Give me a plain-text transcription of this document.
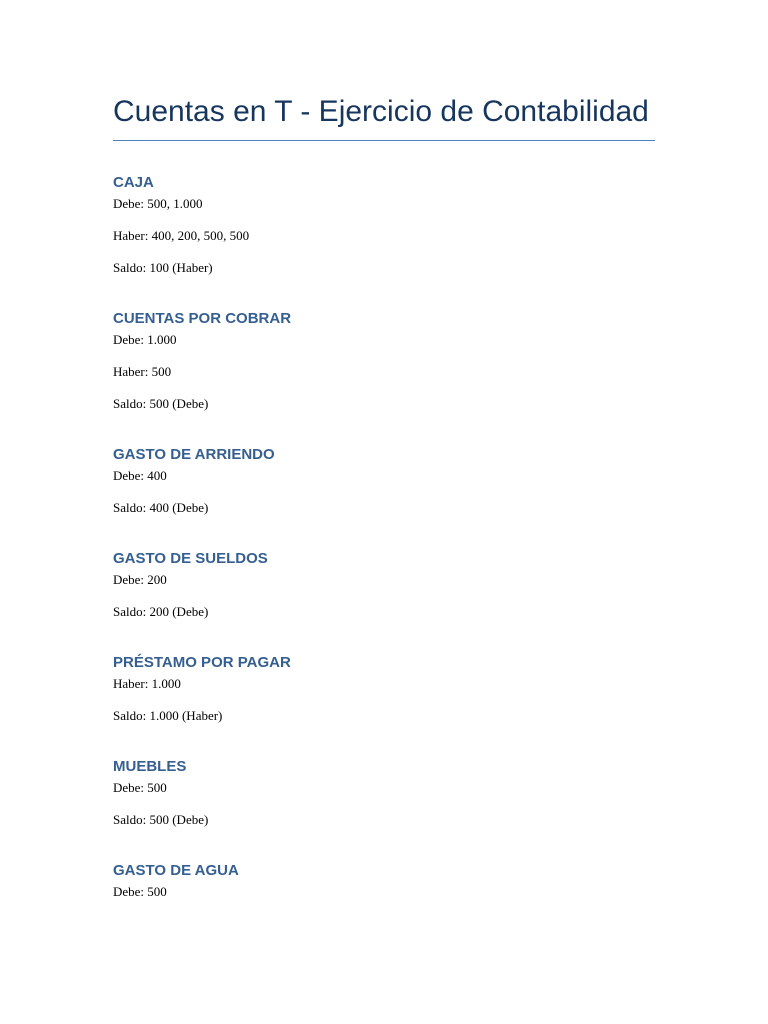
Cuentas en T - Ejercicio de Contabilidad
CAJA

Debe: 500, 1.000

Haber: 400, 200, 500, 500

Saldo: 100 (Haber)

CUENTAS POR COBRAR

Debe: 1.000

Haber: 500

Saldo: 500 (Debe)

GASTO DE ARRIENDO

Debe: 400

Saldo: 400 (Debe)

GASTO DE SUELDOS

Debe: 200

Saldo: 200 (Debe)

PRÉSTAMO POR PAGAR

Haber: 1.000

Saldo: 1.000 (Haber)

MUEBLES

Debe: 500

Saldo: 500 (Debe)

GASTO DE AGUA

Debe: 500
